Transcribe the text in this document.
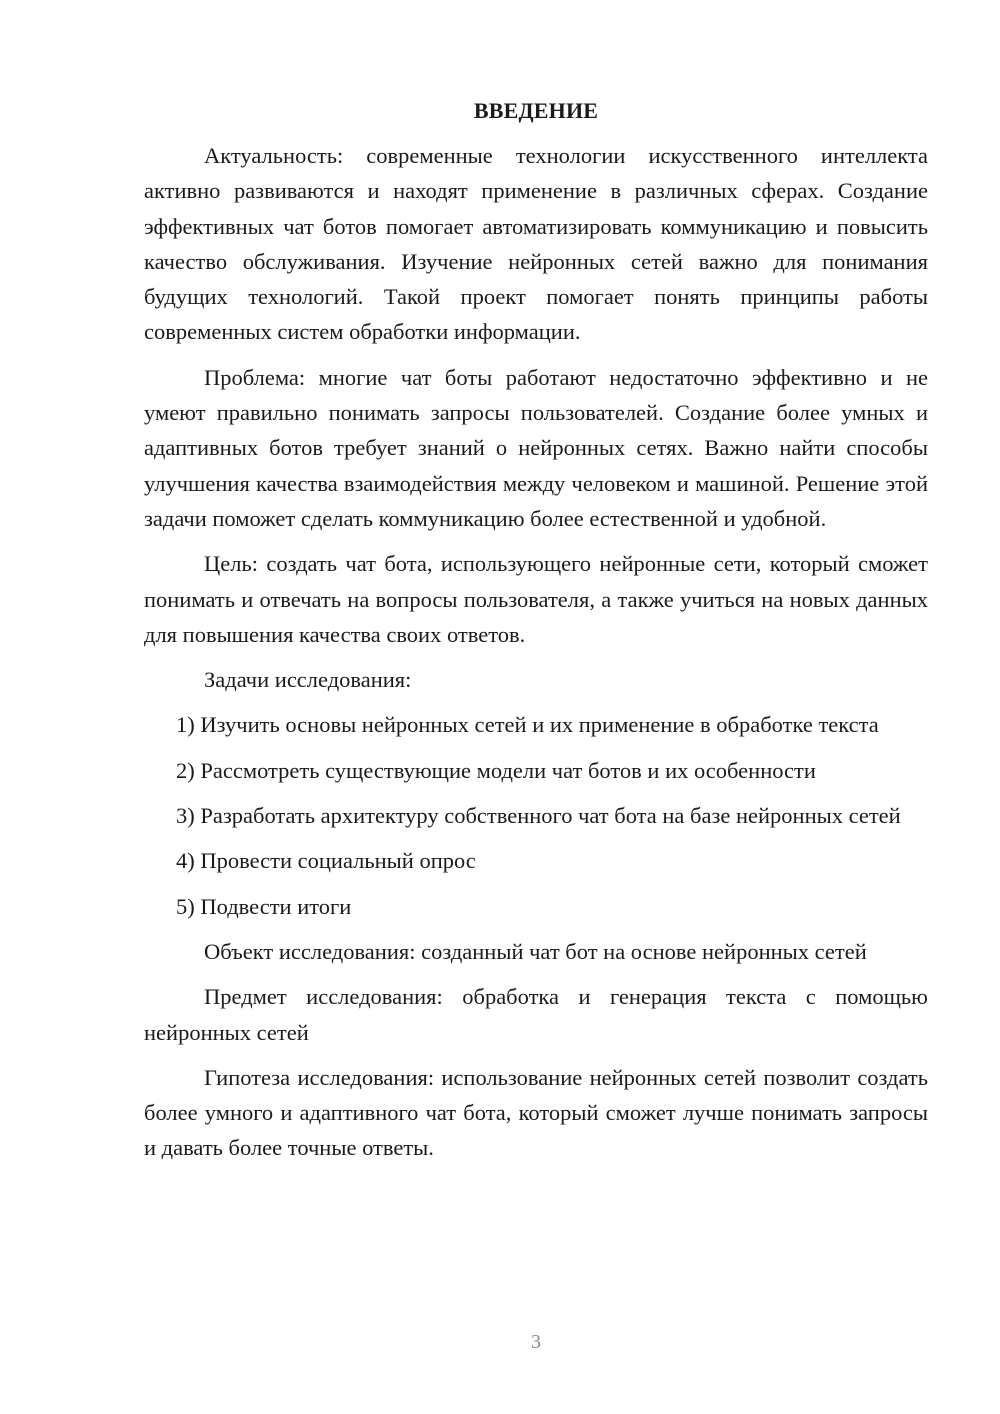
ВВЕДЕНИЕ

Актуальность: современные технологии искусственного интеллекта активно развиваются и находят применение в различных сферах. Создание эффективных чат ботов помогает автоматизировать коммуникацию и повысить качество обслуживания. Изучение нейронных сетей важно для понимания будущих технологий. Такой проект помогает понять принципы работы современных систем обработки информации.

Проблема: многие чат боты работают недостаточно эффективно и не умеют правильно понимать запросы пользователей. Создание более умных и адаптивных ботов требует знаний о нейронных сетях. Важно найти способы улучшения качества взаимодействия между человеком и машиной. Решение этой задачи поможет сделать коммуникацию более естественной и удобной.

Цель: создать чат бота, использующего нейронные сети, который сможет понимать и отвечать на вопросы пользователя, а также учиться на новых данных для повышения качества своих ответов.

Задачи исследования:

1) Изучить основы нейронных сетей и их применение в обработке текста

2) Рассмотреть существующие модели чат ботов и их особенности

3) Разработать архитектуру собственного чат бота на базе нейронных сетей

4) Провести социальный опрос

5) Подвести итоги

Объект исследования: созданный чат бот на основе нейронных сетей

Предмет исследования: обработка и генерация текста с помощью нейронных сетей

Гипотеза исследования: использование нейронных сетей позволит создать более умного и адаптивного чат бота, который сможет лучше понимать запросы и давать более точные ответы.

3
